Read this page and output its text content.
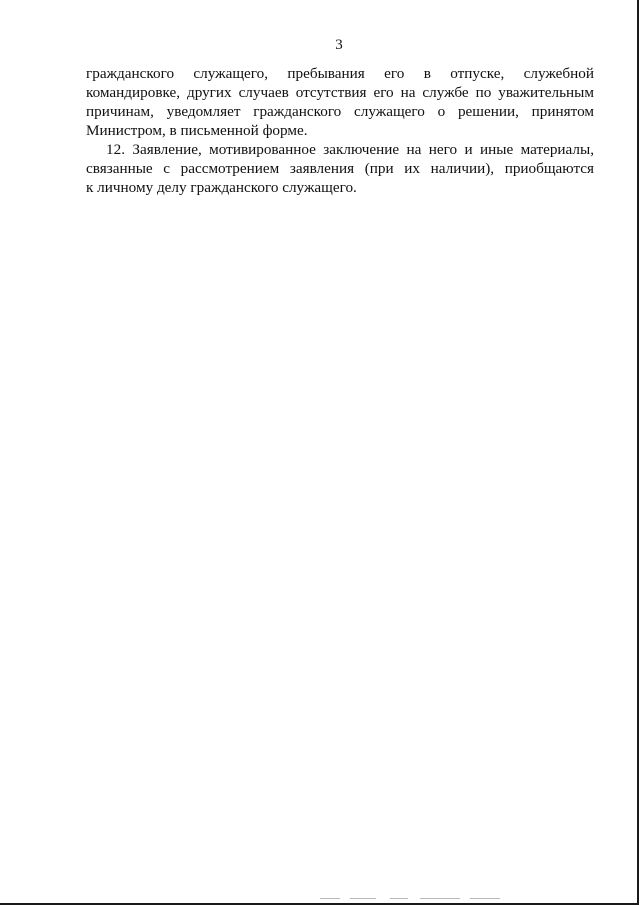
3
гражданского служащего, пребывания его в отпуске, служебной
командировке, других случаев отсутствия его на службе по уважительным
причинам, уведомляет гражданского служащего о решении, принятом
Министром, в письменной форме.
12. Заявление, мотивированное заключение на него и иные материалы,
связанные с рассмотрением заявления (при их наличии), приобщаются
к личному делу гражданского служащего.
